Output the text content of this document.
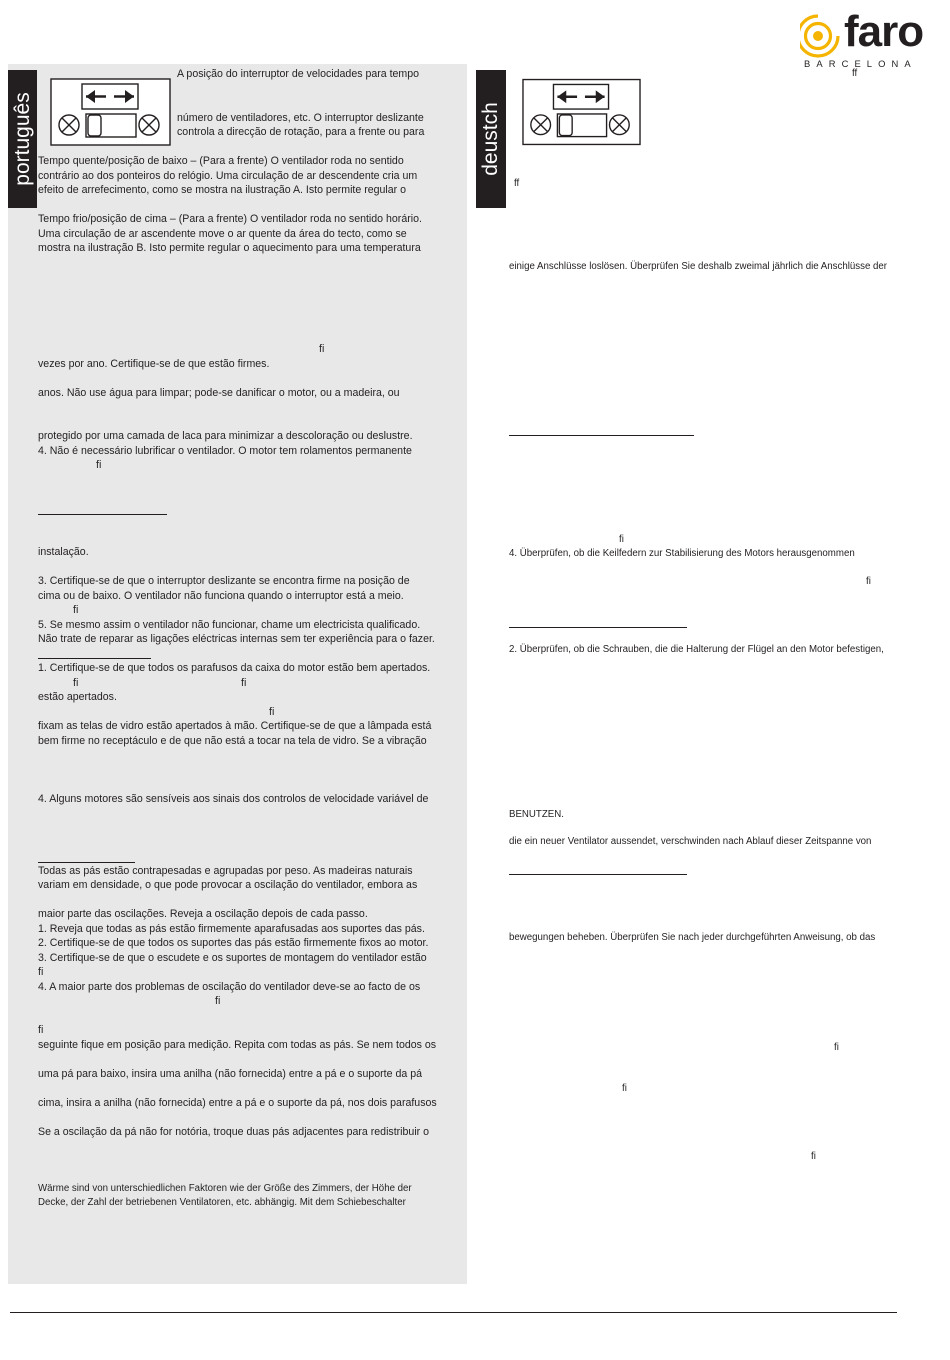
faro
BARCELONA
português
A posição do interruptor de velocidades para tempo
número de ventiladores, etc. O interruptor deslizante
controla a direcção de rotação, para a frente ou para
Tempo quente/posição de baixo – (Para a frente) O ventilador roda no sentido
contrário ao dos ponteiros do relógio. Uma circulação de ar descendente cria um
efeito de arrefecimento, como se mostra na ilustração A. Isto permite regular o
Tempo frio/posição de cima – (Para a frente) O ventilador roda no sentido horário.
Uma circulação de ar ascendente move o ar quente da área do tecto, como se
mostra na ilustração B. Isto permite regular o aquecimento para uma temperatura
fi
vezes por ano. Certifique-se de que estão firmes.
anos. Não use água para limpar; pode-se danificar o motor, ou a madeira, ou
protegido por uma camada de laca para minimizar a descoloração ou deslustre.
4. Não é necessário lubrificar o ventilador. O motor tem rolamentos permanente
fi
instalação.
3. Certifique-se de que o interruptor deslizante se encontra firme na posição de
cima ou de baixo. O ventilador não funciona quando o interruptor está a meio.
fi
5. Se mesmo assim o ventilador não funcionar, chame um electricista qualificado.
Não trate de reparar as ligações eléctricas internas sem ter experiência para o fazer.
1. Certifique-se de que todos os parafusos da caixa do motor estão bem apertados.
fi	fi
estão apertados.
fi
fixam as telas de vidro estão apertados à mão. Certifique-se de que a lâmpada está
bem firme no receptáculo e de que não está a tocar na tela de vidro. Se a vibração
4. Alguns motores são sensíveis aos sinais dos controlos de velocidade variável de
Todas as pás estão contrapesadas e agrupadas por peso. As madeiras naturais
variam em densidade, o que pode provocar a oscilação do ventilador, embora as
maior parte das oscilações. Reveja a oscilação depois de cada passo.
1. Reveja que todas as pás estão firmemente aparafusadas aos suportes das pás.
2. Certifique-se de que todos os suportes das pás estão firmemente fixos ao motor.
3. Certifique-se de que o escudete e os suportes de montagem do ventilador estão
fi
4. A maior parte dos problemas de oscilação do ventilador deve-se ao facto de os
fi
fi
seguinte fique em posição para medição. Repita com todas as pás. Se nem todos os
uma pá para baixo, insira uma anilha (não fornecida) entre a pá e o suporte da pá
cima, insira a anilha (não fornecida) entre a pá e o suporte da pá, nos dois parafusos
Se a oscilação da pá não for notória, troque duas pás adjacentes para redistribuir o
Wärme sind von unterschiedlichen Faktoren wie der Größe des Zimmers, der Höhe der
Decke, der Zahl der betriebenen Ventilatoren, etc. abhängig. Mit dem Schiebeschalter
deustch
ff
ff
einige Anschlüsse loslösen. Überprüfen Sie deshalb zweimal jährlich die Anschlüsse der
fi
4. Überprüfen, ob die Keilfedern zur Stabilisierung des Motors herausgenommen
fi
2. Überprüfen, ob die Schrauben, die die Halterung der Flügel an den Motor befestigen,
BENUTZEN.
die ein neuer Ventilator aussendet, verschwinden nach Ablauf dieser Zeitspanne von
bewegungen beheben. Überprüfen Sie nach jeder durchgeführten Anweisung, ob das
fi
fi
fi
